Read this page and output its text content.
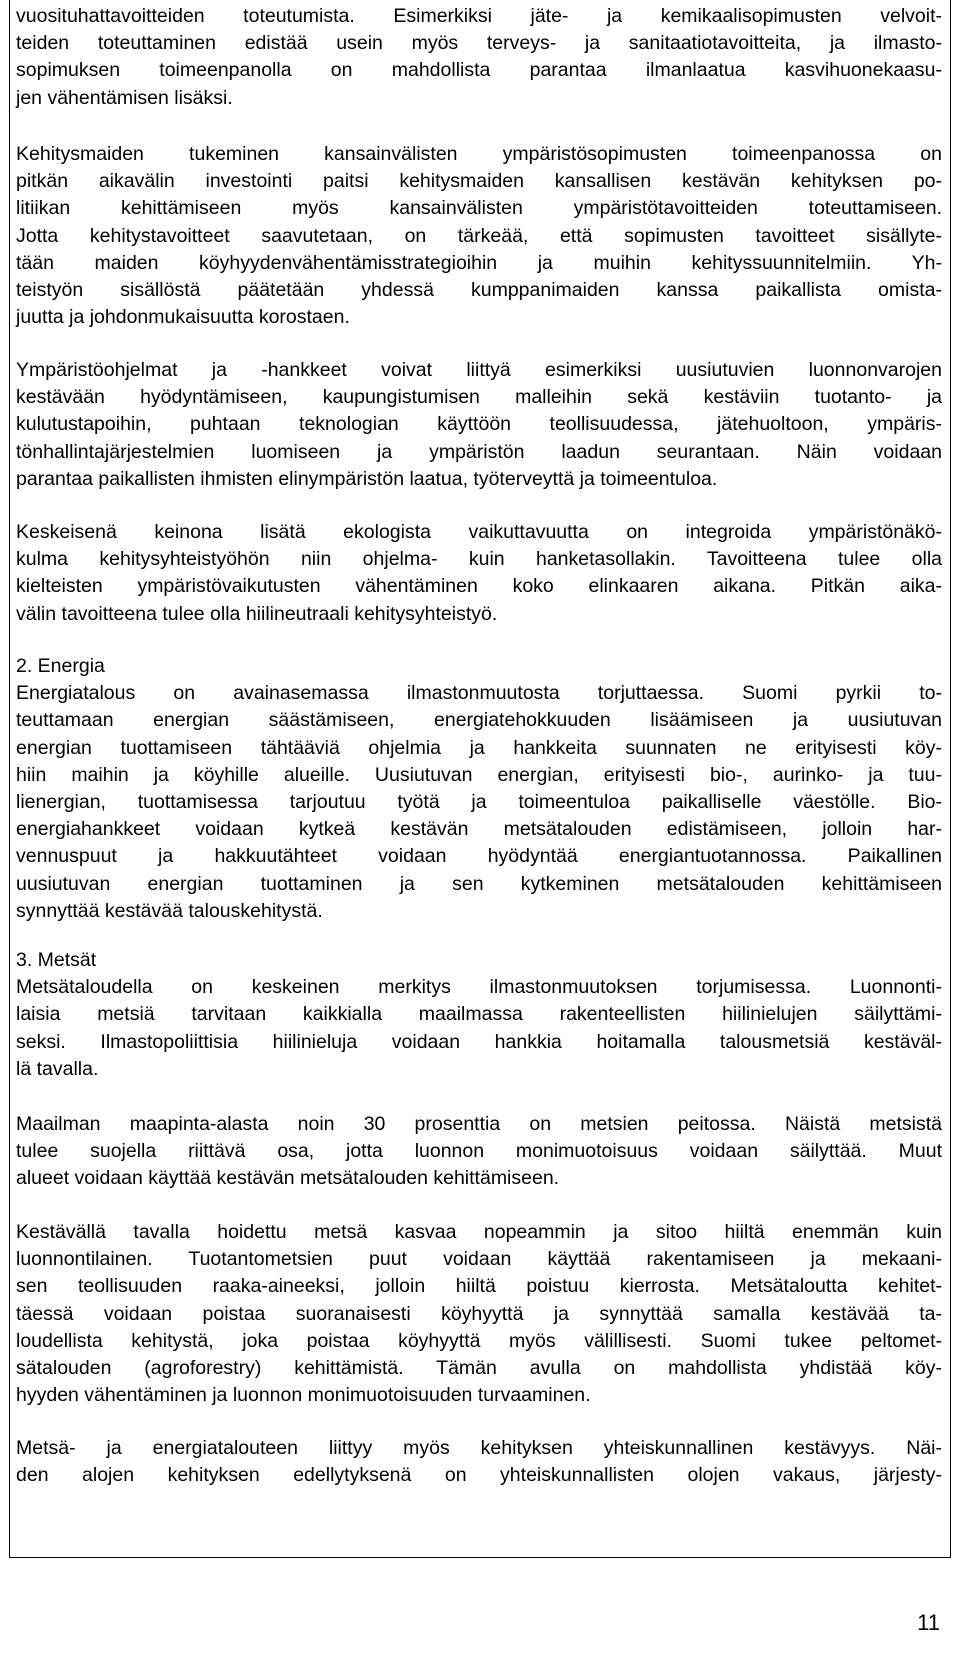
vuosituhattavoitteiden toteutumista. Esimerkiksi jäte- ja kemikaalisopimusten velvoit-

teiden toteuttaminen edistää usein myös terveys- ja sanitaatiotavoitteita, ja ilmasto-

sopimuksen toimeenpanolla on mahdollista parantaa ilmanlaatua kasvihuonekaasu-

jen vähentämisen lisäksi.

Kehitysmaiden tukeminen kansainvälisten ympäristösopimusten toimeenpanossa on

pitkän aikavälin investointi paitsi kehitysmaiden kansallisen kestävän kehityksen po-

litiikan kehittämiseen myös kansainvälisten ympäristötavoitteiden toteuttamiseen.

Jotta kehitystavoitteet saavutetaan, on tärkeää, että sopimusten tavoitteet sisällyte-

tään maiden köyhyydenvähentämisstrategioihin ja muihin kehityssuunnitelmiin. Yh-

teistyön sisällöstä päätetään yhdessä kumppanimaiden kanssa paikallista omista-

juutta ja johdonmukaisuutta korostaen.

Ympäristöohjelmat ja -hankkeet voivat liittyä esimerkiksi uusiutuvien luonnonvarojen

kestävään hyödyntämiseen, kaupungistumisen malleihin sekä kestäviin tuotanto- ja

kulutustapoihin, puhtaan teknologian käyttöön teollisuudessa, jätehuoltoon, ympäris-

tönhallintajärjestelmien luomiseen ja ympäristön laadun seurantaan. Näin voidaan

parantaa paikallisten ihmisten elinympäristön laatua, työterveyttä ja toimeentuloa.

Keskeisenä keinona lisätä ekologista vaikuttavuutta on integroida ympäristönäkö-

kulma kehitysyhteistyöhön niin ohjelma- kuin hanketasollakin. Tavoitteena tulee olla

kielteisten ympäristövaikutusten vähentäminen koko elinkaaren aikana. Pitkän aika-

välin tavoitteena tulee olla hiilineutraali kehitysyhteistyö.

2. Energia

Energiatalous on avainasemassa ilmastonmuutosta torjuttaessa. Suomi pyrkii to-

teuttamaan energian säästämiseen, energiatehokkuuden lisäämiseen ja uusiutuvan

energian tuottamiseen tähtääviä ohjelmia ja hankkeita suunnaten ne erityisesti köy-

hiin maihin ja köyhille alueille. Uusiutuvan energian, erityisesti bio-, aurinko- ja tuu-

lienergian, tuottamisessa tarjoutuu työtä ja toimeentuloa paikalliselle väestölle. Bio-

energiahankkeet voidaan kytkeä kestävän metsätalouden edistämiseen, jolloin har-

vennuspuut ja hakkuutähteet voidaan hyödyntää energiantuotannossa. Paikallinen

uusiutuvan energian tuottaminen ja sen kytkeminen metsätalouden kehittämiseen

synnyttää kestävää talouskehitystä.

3. Metsät

Metsätaloudella on keskeinen merkitys ilmastonmuutoksen torjumisessa. Luonnonti-

laisia metsiä tarvitaan kaikkialla maailmassa rakenteellisten hiilinielujen säilyttämi-

seksi. Ilmastopoliittisia hiilinieluja voidaan hankkia hoitamalla talousmetsiä kestäväl-

lä tavalla.

Maailman maapinta-alasta noin 30 prosenttia on metsien peitossa. Näistä metsistä

tulee suojella riittävä osa, jotta luonnon monimuotoisuus voidaan säilyttää. Muut

alueet voidaan käyttää kestävän metsätalouden kehittämiseen.

Kestävällä tavalla hoidettu metsä kasvaa nopeammin ja sitoo hiiltä enemmän kuin

luonnontilainen. Tuotantometsien puut voidaan käyttää rakentamiseen ja mekaani-

sen teollisuuden raaka-aineeksi, jolloin hiiltä poistuu kierrosta. Metsätaloutta kehitet-

täessä voidaan poistaa suoranaisesti köyhyyttä ja synnyttää samalla kestävää ta-

loudellista kehitystä, joka poistaa köyhyyttä myös välillisesti. Suomi tukee peltomet-

sätalouden (agroforestry) kehittämistä. Tämän avulla on mahdollista yhdistää köy-

hyyden vähentäminen ja luonnon monimuotoisuuden turvaaminen.

Metsä- ja energiatalouteen liittyy myös kehityksen yhteiskunnallinen kestävyys. Näi-

den alojen kehityksen edellytyksenä on yhteiskunnallisten olojen vakaus, järjesty-

11
